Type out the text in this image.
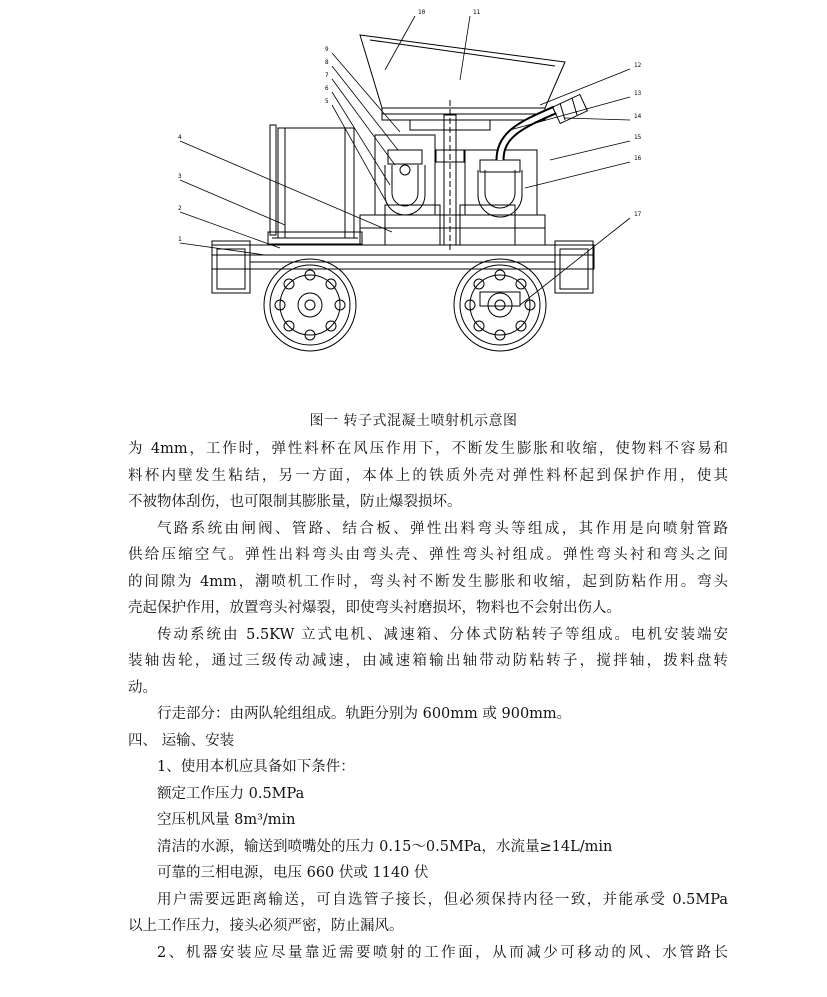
1
2
3
4
5
6
7
8
9
10	11
12
13
14
15
16
17
图一 转子式混凝土喷射机示意图
为 4mm，工作时，弹性料杯在风压作用下，不断发生膨胀和收缩，使物料不容易和
料杯内壁发生粘结，另一方面，本体上的铁质外壳对弹性料杯起到保护作用，使其
不被物体刮伤，也可限制其膨胀量，防止爆裂损坏。
气路系统由闸阀、管路、结合板、弹性出料弯头等组成，其作用是向喷射管路
供给压缩空气。弹性出料弯头由弯头壳、弹性弯头衬组成。弹性弯头衬和弯头之间
的间隙为 4mm，潮喷机工作时，弯头衬不断发生膨胀和收缩，起到防粘作用。弯头
壳起保护作用，放置弯头衬爆裂，即使弯头衬磨损坏，物料也不会射出伤人。
传动系统由 5.5KW 立式电机、减速箱、分体式防粘转子等组成。电机安装端安
装轴齿轮，通过三级传动减速，由减速箱输出轴带动防粘转子，搅拌轴，拨料盘转
动。
行走部分：由两队轮组组成。轨距分别为 600mm 或 900mm。
四、 运输、安装
1、使用本机应具备如下条件：
额定工作压力 0.5MPa
空压机风量 8m³/min
清洁的水源，输送到喷嘴处的压力 0.15～0.5MPa，水流量≥14L/min
可靠的三相电源，电压 660 伏或 1140 伏
用户需要远距离输送，可自选管子接长，但必须保持内径一致，并能承受 0.5MPa
以上工作压力，接头必须严密，防止漏风。
2、机器安装应尽量靠近需要喷射的工作面，从而减少可移动的风、水管路长
